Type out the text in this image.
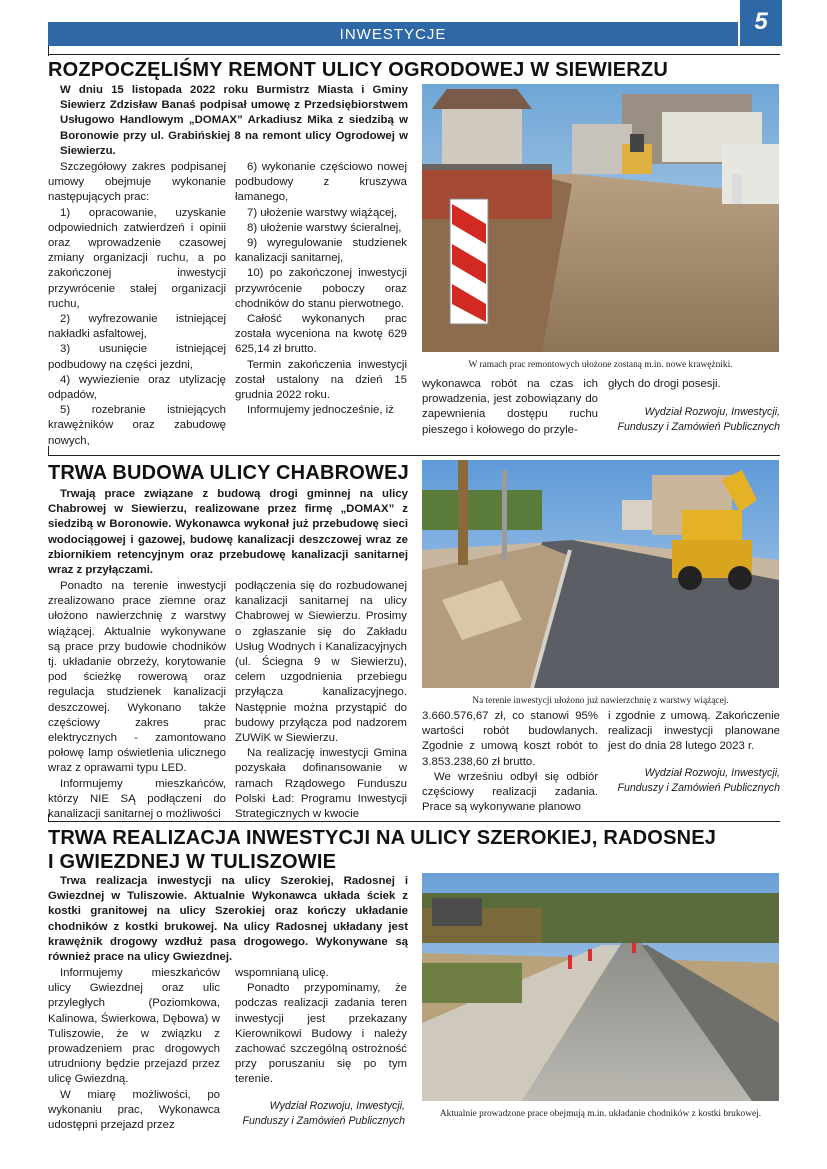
5
INWESTYCJE
ROZPOCZĘLIŚMY REMONT ULICY OGRODOWEJ W SIEWIERZU
W dniu 15 listopada 2022 roku Burmistrz Miasta i Gminy Siewierz Zdzisław Banaś podpisał umowę z Przedsiębiorstwem Usługowo Handlowym „DOMAX” Arkadiusz Mika z siedzibą w Boronowie przy ul. Grabińskiej 8 na remont ulicy Ogrodowej w Siewierzu.

Szczegółowy zakres podpisanej umowy obejmuje wykonanie następujących prac:

1) opracowanie, uzyskanie odpowiednich zatwierdzeń i opinii oraz wprowadzenie czasowej zmiany organizacji ruchu, a po zakończonej inwestycji przywrócenie stałej organizacji ruchu,

2) wyfrezowanie istniejącej nakładki asfaltowej,

3) usunięcie istniejącej podbudowy na części jezdni,

4) wywiezienie oraz utylizację odpadów,

5) rozebranie istniejących krawężników oraz zabudowę nowych,

6) wykonanie częściowo nowej podbudowy z kruszywa łamanego,

7) ułożenie warstwy wiążącej,

8) ułożenie warstwy ścieralnej,

9) wyregulowanie studzienek kanalizacji sanitarnej,

10) po zakończonej inwestycji przywrócenie poboczy oraz chodników do stanu pierwotnego.

Całość wykonanych prac została wyceniona na kwotę 629 625,14 zł brutto.

Termin zakończenia inwestycji został ustalony na dzień 15 grudnia 2022 roku.

Informujemy jednocześnie, iż

W ramach prac remontowych ułożone zostaną m.in. nowe krawężniki.

wykonawca robót na czas ich prowadzenia, jest zobowiązany do zapewnienia dostępu ruchu pieszego i kołowego do przyle-

głych do drogi posesji.

Wydział Rozwoju, Inwestycji,
Funduszy i Zamówień Publicznych
TRWA BUDOWA ULICY CHABROWEJ
Trwają prace związane z budową drogi gminnej na ulicy Chabrowej w Siewierzu, realizowane przez firmę „DOMAX” z siedzibą w Boronowie. Wykonawca wykonał już przebudowę sieci wodociągowej i gazowej, budowę kanalizacji deszczowej wraz ze zbiornikiem retencyjnym oraz przebudowę kanalizacji sanitarnej wraz z przyłączami.

Ponadto na terenie inwestycji zrealizowano prace ziemne oraz ułożono nawierzchnię z warstwy wiążącej. Aktualnie wykonywane są prace przy budowie chodników tj. układanie obrzeży, korytowanie pod ścieżkę rowerową oraz regulacja studzienek kanalizacji deszczowej. Wykonano także częściowy zakres prac elektrycznych - zamontowano połowę lamp oświetlenia ulicznego wraz z oprawami typu LED.

Informujemy mieszkańców, którzy NIE SĄ podłączeni do kanalizacji sanitarnej o możliwości

podłączenia się do rozbudowanej kanalizacji sanitarnej na ulicy Chabrowej w Siewierzu. Prosimy o zgłaszanie się do Zakładu Usług Wodnych i Kanalizacyjnych (ul. Ściegna 9 w Siewierzu), celem uzgodnienia przebiegu przyłącza kanalizacyjnego. Następnie można przystąpić do budowy przyłącza pod nadzorem ZUWiK w Siewierzu.

Na realizację inwestycji Gmina pozyskała dofinansowanie w ramach Rządowego Funduszu Polski Ład: Programu Inwestycji Strategicznych w kwocie

Na terenie inwestycji ułożono już nawierzchnię z warstwy wiążącej.

3.660.576,67 zł, co stanowi 95% wartości robót budowlanych. Zgodnie z umową koszt robót to 3.853.238,60 zł brutto.

We wrześniu odbył się odbiór częściowy realizacji zadania. Prace są wykonywane planowo

i zgodnie z umową. Zakończenie realizacji inwestycji planowane jest do dnia 28 lutego 2023 r.

Wydział Rozwoju, Inwestycji,
Funduszy i Zamówień Publicznych
TRWA REALIZACJA INWESTYCJI NA ULICY SZEROKIEJ, RADOSNEJ
I GWIEZDNEJ W TULISZOWIE
Trwa realizacja inwestycji na ulicy Szerokiej, Radosnej i Gwiezdnej w Tuliszowie. Aktualnie Wykonawca układa ściek z kostki granitowej na ulicy Szerokiej oraz kończy układanie chodników z kostki brukowej. Na ulicy Radosnej układany jest krawężnik drogowy wzdłuż pasa drogowego. Wykonywane są również prace na ulicy Gwiezdnej.

Informujemy mieszkańców ulicy Gwiezdnej oraz ulic przyległych (Poziomkowa, Kalinowa, Świerkowa, Dębowa) w Tuliszowie, że w związku z prowadzeniem prac drogowych utrudniony będzie przejazd przez ulicę Gwiezdną.

W miarę możliwości, po wykonaniu prac, Wykonawca udostępni przejazd przez

wspomnianą ulicę.

Ponadto przypominamy, że podczas realizacji zadania teren inwestycji jest przekazany Kierownikowi Budowy i należy zachować szczególną ostrożność przy poruszaniu się po tym terenie.

Wydział Rozwoju, Inwestycji,
Funduszy i Zamówień Publicznych
Aktualnie prowadzone prace obejmują m.in. układanie chodników z kostki brukowej.
